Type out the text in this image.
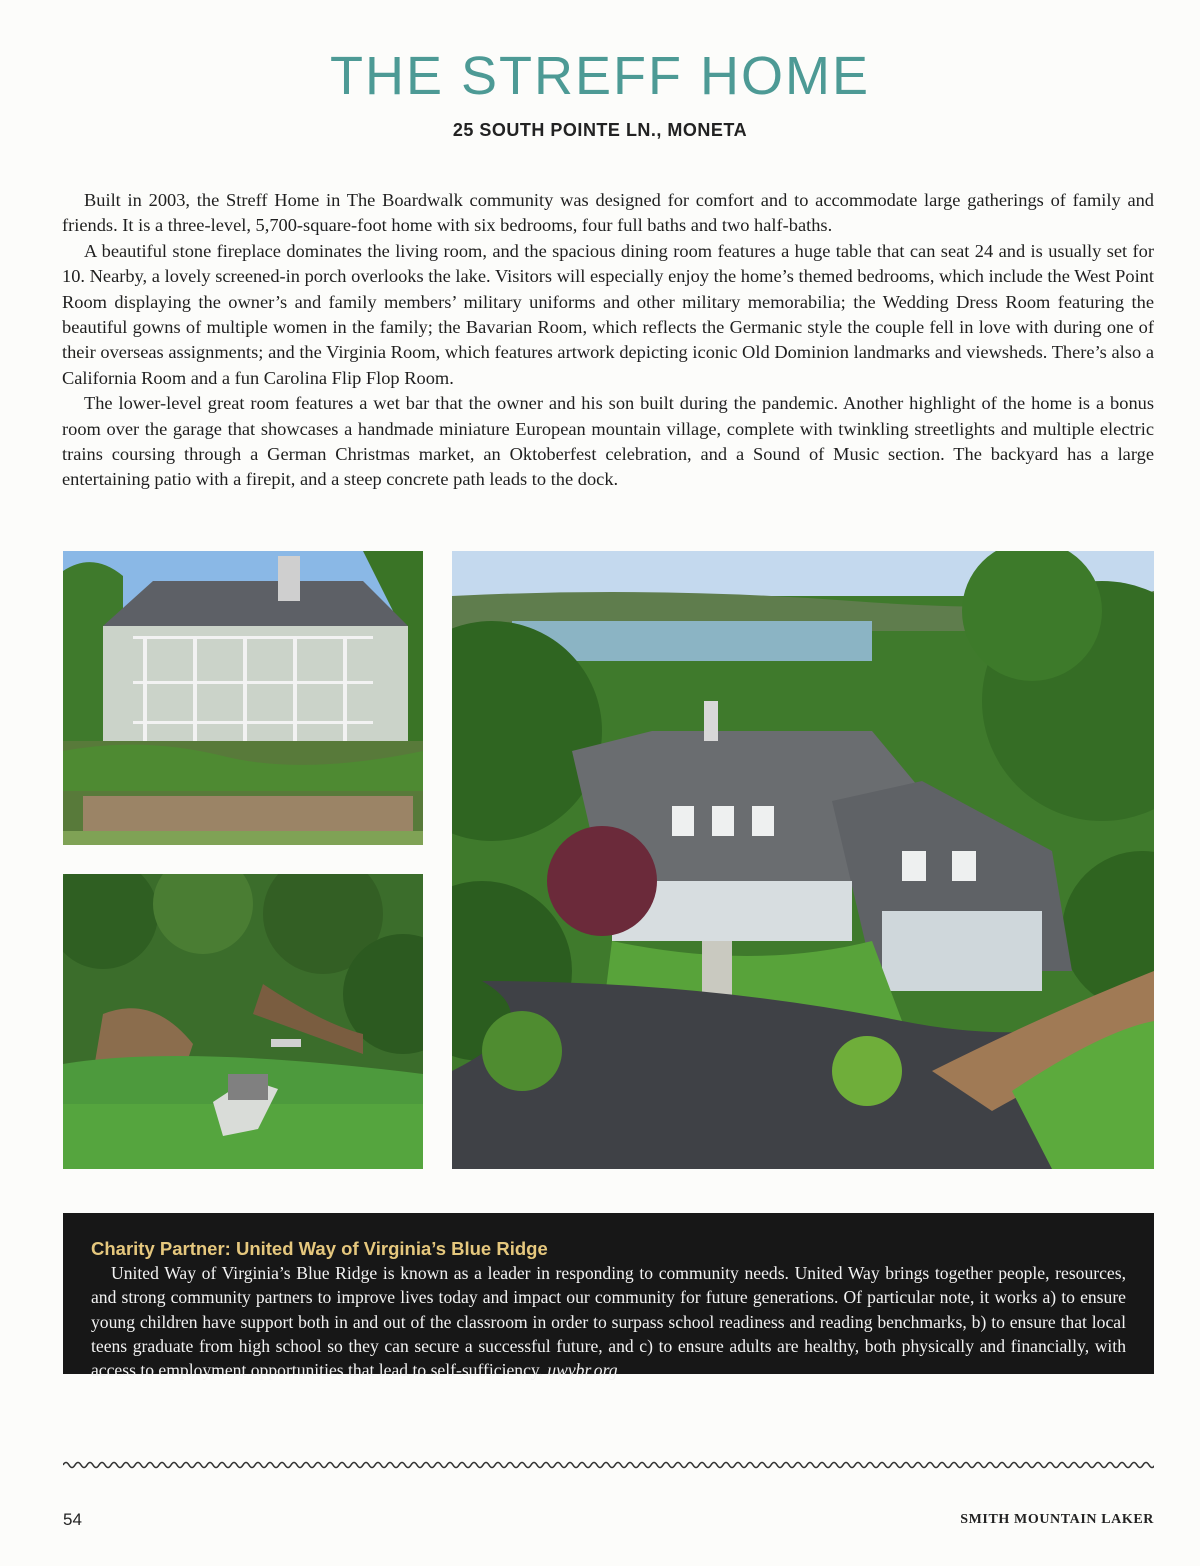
THE STREFF HOME
25 SOUTH POINTE LN., MONETA

Built in 2003, the Streff Home in The Boardwalk community was designed for comfort and to accommodate large gatherings of family and friends. It is a three-level, 5,700-square-foot home with six bedrooms, four full baths and two half-baths.

A beautiful stone fireplace dominates the living room, and the spacious dining room features a huge table that can seat 24 and is usually set for 10. Nearby, a lovely screened-in porch overlooks the lake. Visitors will especially enjoy the home’s themed bedrooms, which include the West Point Room displaying the owner’s and family members’ military uniforms and other military memorabilia; the Wedding Dress Room featuring the beautiful gowns of multiple women in the family; the Bavarian Room, which reflects the Germanic style the couple fell in love with during one of their overseas assignments; and the Virginia Room, which features artwork depicting iconic Old Dominion landmarks and viewsheds. There’s also a California Room and a fun Carolina Flip Flop Room.

The lower-level great room features a wet bar that the owner and his son built during the pandemic. Another highlight of the home is a bonus room over the garage that showcases a handmade miniature European mountain village, complete with twinkling streetlights and multiple electric trains coursing through a German Christmas market, an Oktoberfest celebration, and a Sound of Music section. The backyard has a large entertaining patio with a firepit, and a steep concrete path leads to the dock.

Charity Partner: United Way of Virginia’s Blue Ridge

United Way of Virginia’s Blue Ridge is known as a leader in responding to community needs. United Way brings together people, resources, and strong community partners to improve lives today and impact our community for future generations. Of particular note, it works a) to ensure young children have support both in and out of the classroom in order to surpass school readiness and reading benchmarks, b) to ensure that local teens graduate from high school so they can secure a successful future, and c) to ensure adults are healthy, both physically and financially, with access to employment opportunities that lead to self-sufficiency. uwvbr.org

54	SMITH MOUNTAIN LAKER
